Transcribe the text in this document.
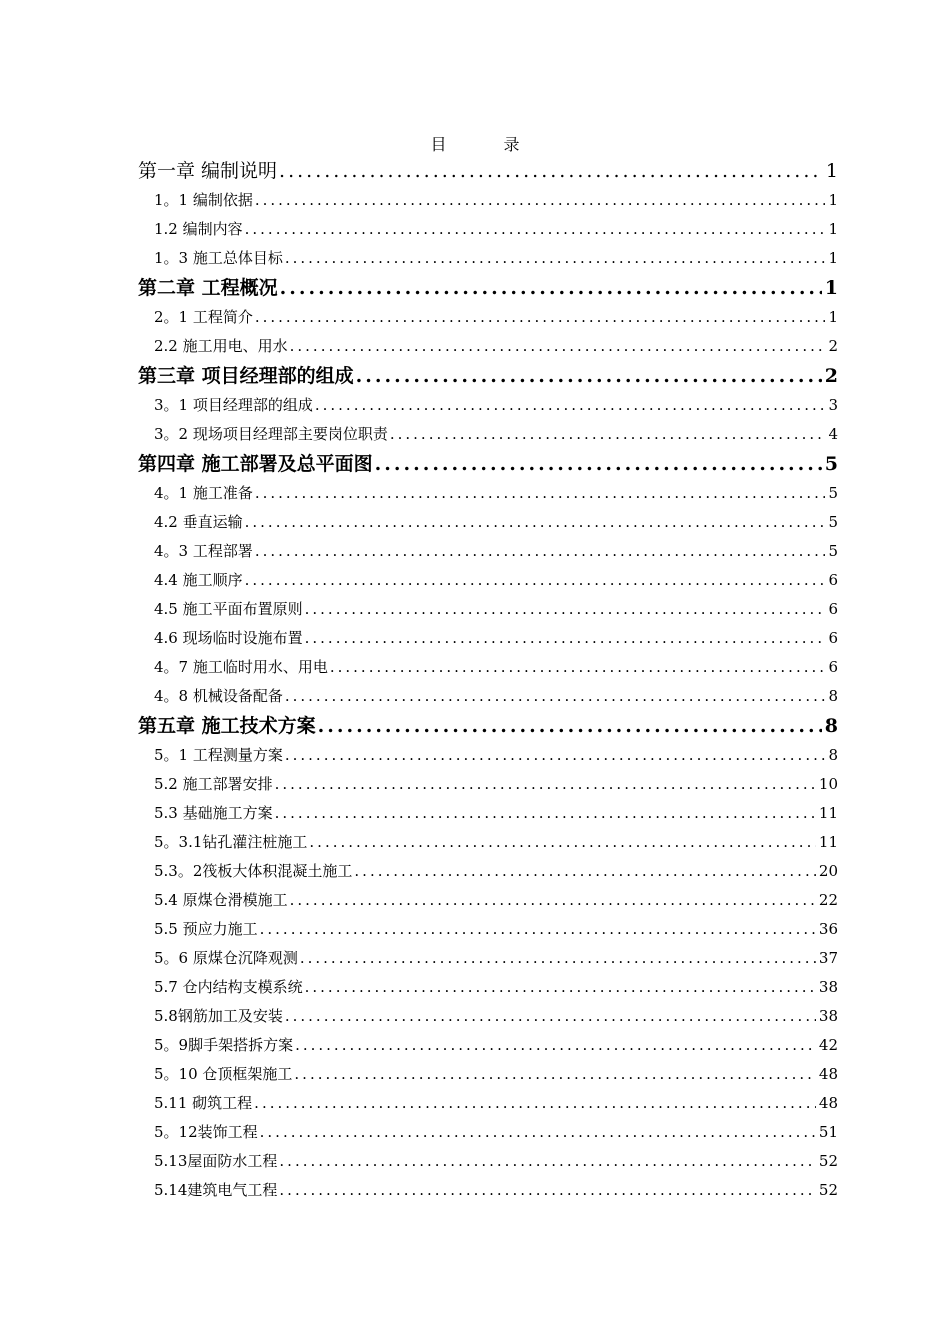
目 录
第一章 编制说明 .....	1
1。1 编制依据 .....	1
1.2 编制内容 .....	1
1。3 施工总体目标 .....	1
第二章 工程概况 .....	1
2。1 工程简介 .....	1
2.2 施工用电、用水 .....	2
第三章 项目经理部的组成 .....	2
3。1 项目经理部的组成 .....	3
3。2 现场项目经理部主要岗位职责 .....	4
第四章 施工部署及总平面图 .....	5
4。1 施工准备 .....	5
4.2 垂直运输 .....	5
4。3 工程部署 .....	5
4.4 施工顺序 .....	6
4.5 施工平面布置原则 .....	6
4.6 现场临时设施布置 .....	6
4。7 施工临时用水、用电 .....	6
4。8 机械设备配备 .....	8
第五章 施工技术方案 .....	8
5。1 工程测量方案 .....	8
5.2 施工部署安排 .....	10
5.3 基础施工方案 .....	11
5。3.1钻孔灌注桩施工 .....	11
5.3。2筏板大体积混凝土施工 .....	20
5.4 原煤仓滑模施工 .....	22
5.5 预应力施工 .....	36
5。6 原煤仓沉降观测 .....	37
5.7 仓内结构支模系统 .....	38
5.8钢筋加工及安装 .....	38
5。9脚手架搭拆方案 .....	42
5。10 仓顶框架施工 .....	48
5.11 砌筑工程 .....	48
5。12装饰工程 .....	51
5.13屋面防水工程 .....	52
5.14建筑电气工程 .....	52
